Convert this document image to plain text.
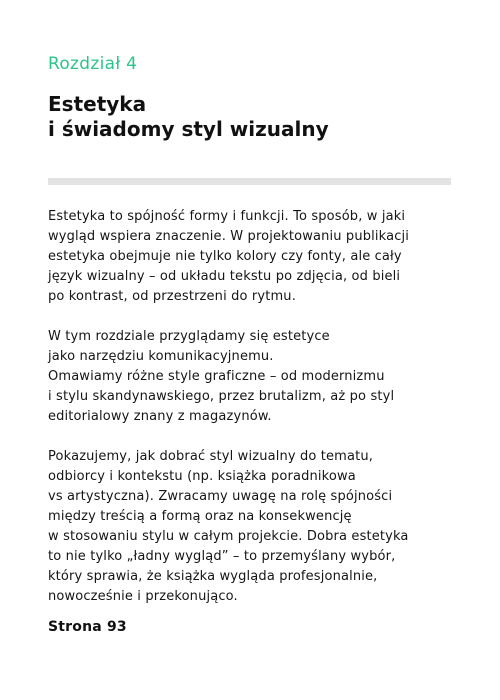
Rozdział 4
Estetyka
i świadomy styl wizualny

Estetyka to spójność formy i funkcji. To sposób, w jaki
wygląd wspiera znaczenie. W projektowaniu publikacji
estetyka obejmuje nie tylko kolory czy fonty, ale cały
język wizualny – od układu tekstu po zdjęcia, od bieli
po kontrast, od przestrzeni do rytmu.

W tym rozdziale przyglądamy się estetyce
jako narzędziu komunikacyjnemu.
Omawiamy różne style graficzne – od modernizmu
i stylu skandynawskiego, przez brutalizm, aż po styl
editorialowy znany z magazynów.

Pokazujemy, jak dobrać styl wizualny do tematu,
odbiorcy i kontekstu (np. książka poradnikowa
vs artystyczna). Zwracamy uwagę na rolę spójności
między treścią a formą oraz na konsekwencję
w stosowaniu stylu w całym projekcie. Dobra estetyka
to nie tylko „ładny wygląd” – to przemyślany wybór,
który sprawia, że książka wygląda profesjonalnie,
nowocześnie i przekonująco.

Strona 93
